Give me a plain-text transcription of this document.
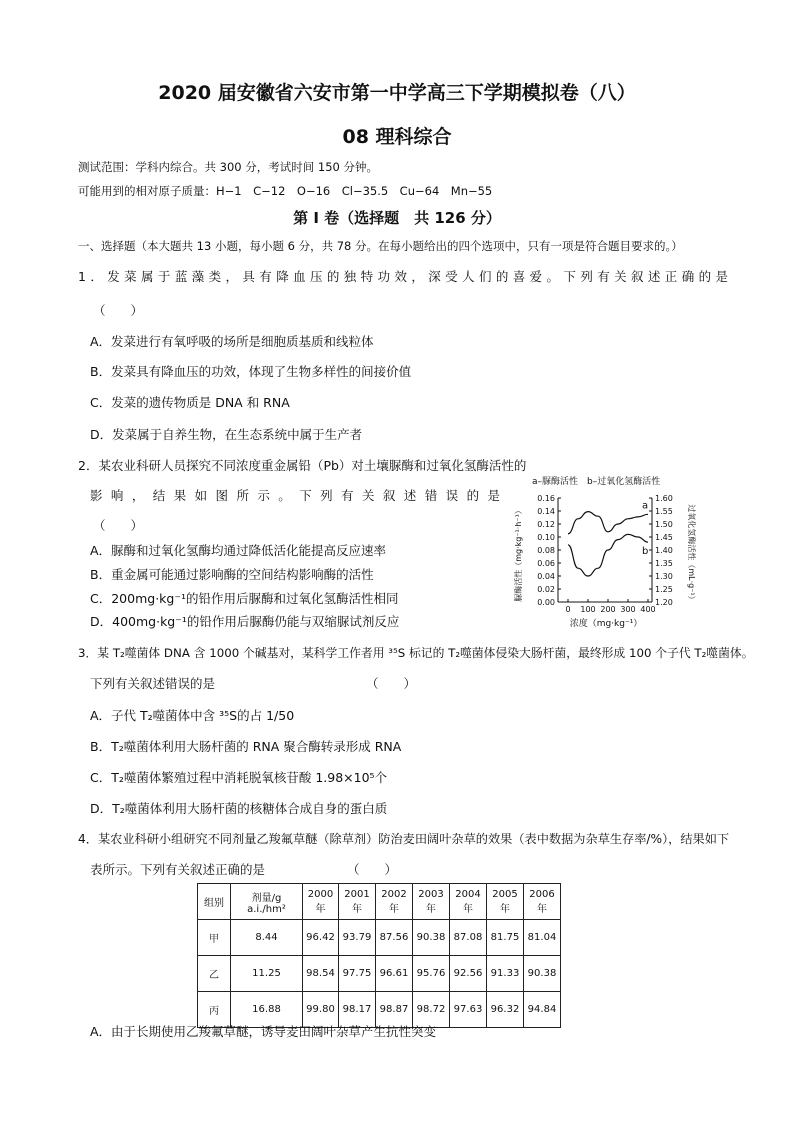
2020 届安徽省六安市第一中学高三下学期模拟卷（八）
08 理科综合
测试范围：学科内综合。共 300 分，考试时间 150 分钟。
可能用到的相对原子质量：H−1　C−12　O−16　Cl−35.5　Cu−64　Mn−55
第 I 卷（选择题　共 126 分）
一、选择题（本大题共 13 小题，每小题 6 分，共 78 分。在每小题给出的四个选项中，只有一项是符合题目要求的。）
1．发菜属于蓝藻类，具有降血压的独特功效，深受人们的喜爱。下列有关叙述正确的是
（　　）
A．发菜进行有氧呼吸的场所是细胞质基质和线粒体
B．发菜具有降血压的功效，体现了生物多样性的间接价值
C．发菜的遗传物质是 DNA 和 RNA
D．发菜属于自养生物，在生态系统中属于生产者
2．某农业科研人员探究不同浓度重金属铅（Pb）对土壤脲酶和过氧化氢酶活性的
影响，结果如图所示。下列有关叙述错误的是
（　　）
A．脲酶和过氧化氢酶均通过降低活化能提高反应速率
B．重金属可能通过影响酶的空间结构影响酶的活性
C．200mg·kg⁻¹的铅作用后脲酶和过氧化氢酶活性相同
D．400mg·kg⁻¹的铅作用后脲酶仍能与双缩脲试剂反应
a–脲酶活性　b–过氧化氢酶活性
0.00
0.02
0.04
0.06
0.08
0.10
0.12
0.14
0.16
1.20
1.25
1.30
1.35
1.40
1.45
1.50
1.55
1.60
0 100 200 300 400
a
b
脲酶活性（mg·kg⁻¹·h⁻¹）	过氧化氢酶活性（mL·g⁻¹）
浓度（mg·kg⁻¹）
3．某 T₂噬菌体 DNA 含 1000 个碱基对，某科学工作者用 ³⁵S 标记的 T₂噬菌体侵染大肠杆菌，最终形成 100 个子代 T₂噬菌体。
下列有关叙述错误的是	（　　）
A．子代 T₂噬菌体中含 ³⁵S的占 1/50
B．T₂噬菌体利用大肠杆菌的 RNA 聚合酶转录形成 RNA
C．T₂噬菌体繁殖过程中消耗脱氧核苷酸 1.98×10⁵个
D．T₂噬菌体利用大肠杆菌的核糖体合成自身的蛋白质
4．某农业科研小组研究不同剂量乙羧氟草醚（除草剂）防治麦田阔叶杂草的效果（表中数据为杂草生存率/%），结果如下
表所示。下列有关叙述正确的是	（　　）
组别	剂量/g a.i./hm²	2000 年	2001 年	2002 年	2003 年	2004 年	2005 年	2006 年
甲	8.44	96.42	93.79	87.56	90.38	87.08	81.75	81.04
乙	11.25	98.54	97.75	96.61	95.76	92.56	91.33	90.38
丙	16.88	99.80	98.17	98.87	98.72	97.63	96.32	94.84
A．由于长期使用乙羧氟草醚，诱导麦田阔叶杂草产生抗性突变
